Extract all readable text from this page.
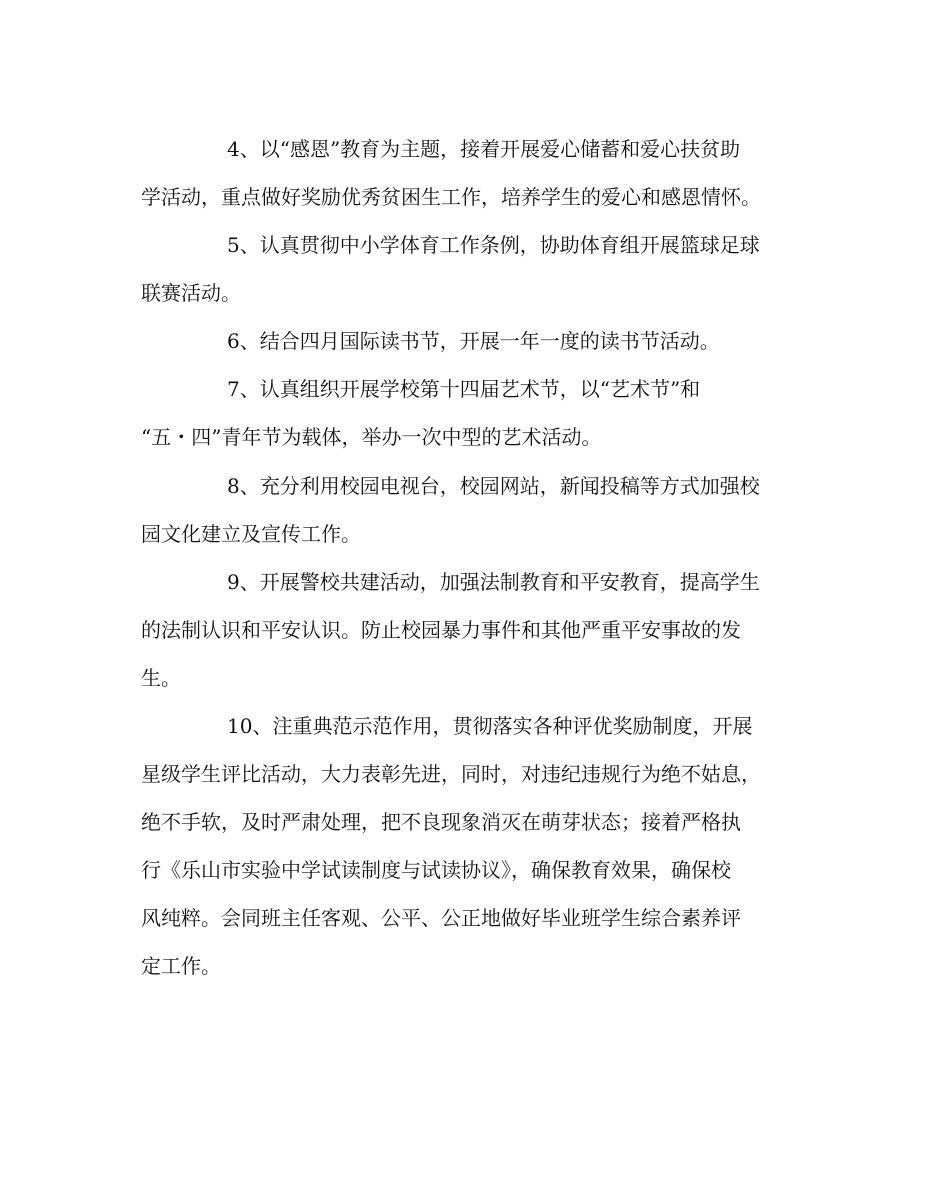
4、以“感恩”教育为主题，接着开展爱心储蓄和爱心扶贫助
学活动，重点做好奖励优秀贫困生工作，培养学生的爱心和感恩情怀。
5、认真贯彻中小学体育工作条例，协助体育组开展篮球足球
联赛活动。
6、结合四月国际读书节，开展一年一度的读书节活动。
7、认真组织开展学校第十四届艺术节，以“艺术节”和
“五・四”青年节为载体，举办一次中型的艺术活动。
8、充分利用校园电视台，校园网站，新闻投稿等方式加强校
园文化建立及宣传工作。
9、开展警校共建活动，加强法制教育和平安教育，提高学生
的法制认识和平安认识。防止校园暴力事件和其他严重平安事故的发
生。
10、注重典范示范作用，贯彻落实各种评优奖励制度，开展
星级学生评比活动，大力表彰先进，同时，对违纪违规行为绝不姑息，
绝不手软，及时严肃处理，把不良现象消灭在萌芽状态；接着严格执
行《乐山市实验中学试读制度与试读协议》，确保教育效果，确保校
风纯粹。会同班主任客观、公平、公正地做好毕业班学生综合素养评
定工作。
